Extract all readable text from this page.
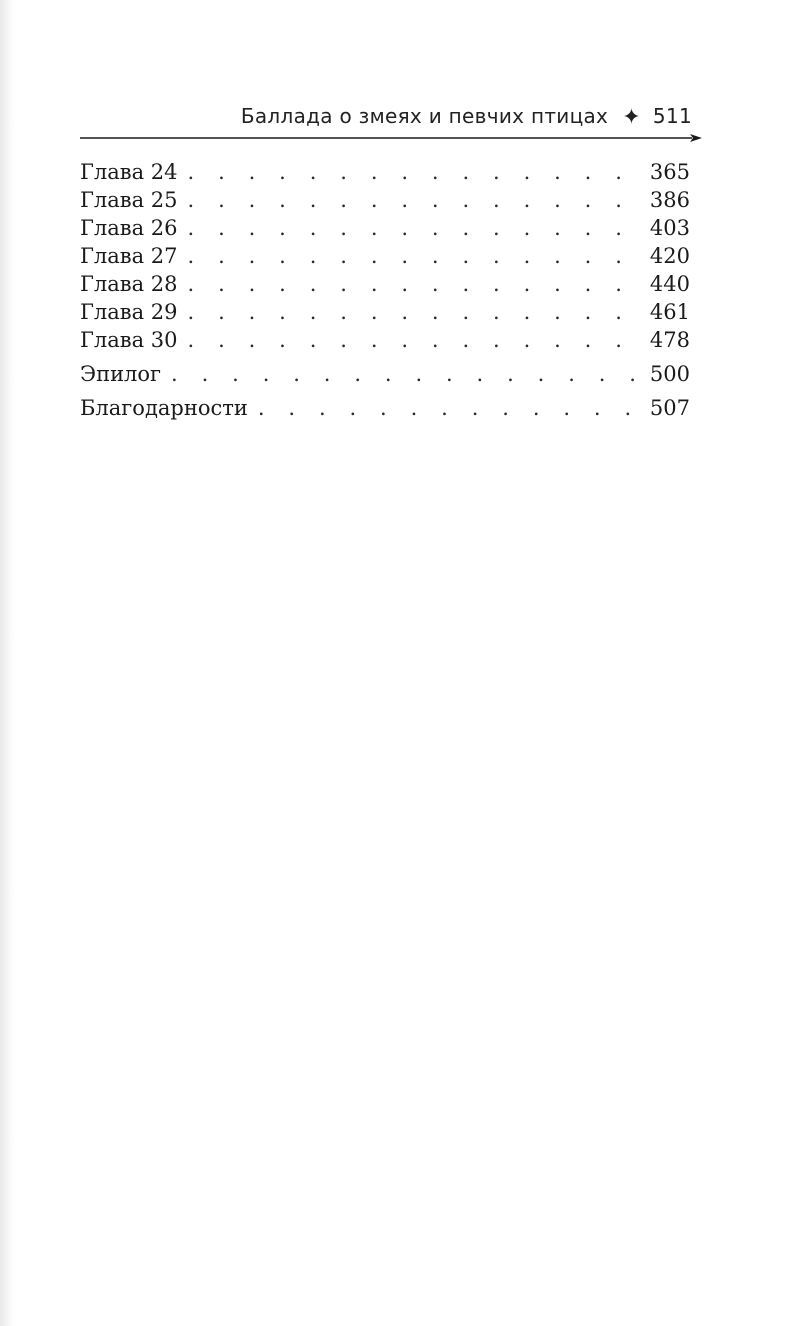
Баллада о змеях и певчих птицах ✦ 511
Глава 24 . . .	365
Глава 25 . . .	386
Глава 26 . . .	403
Глава 27 . . .	420
Глава 28 . . .	440
Глава 29 . . .	461
Глава 30 . . .	478
Эпилог . . .	500
Благодарности . . .	507
